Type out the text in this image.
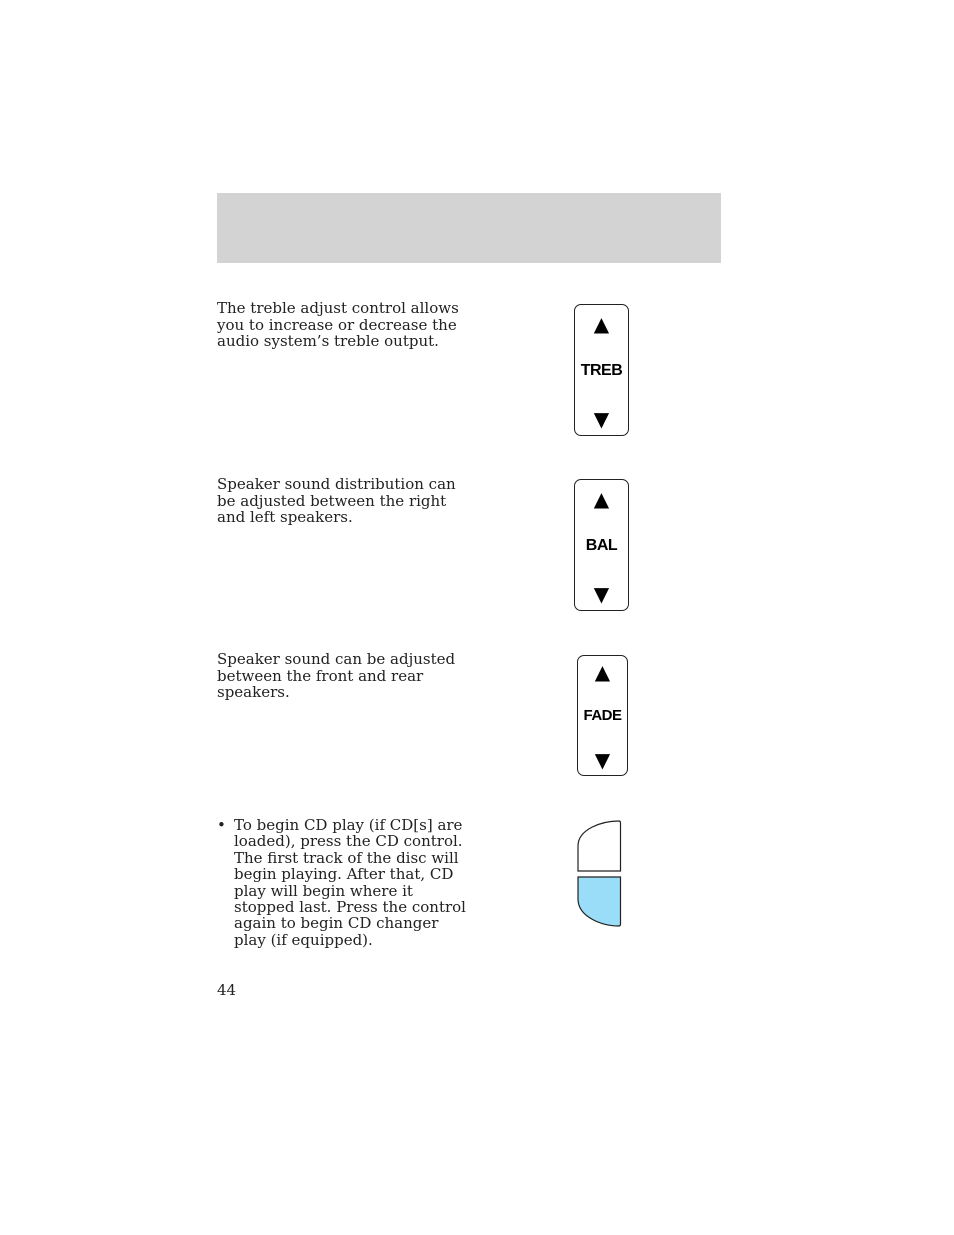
The treble adjust control allows you to increase or decrease the audio system’s treble output.
▲
TREB
▼
Speaker sound distribution can be adjusted between the right and left speakers.
▲
BAL
▼
Speaker sound can be adjusted between the front and rear speakers.
▲
FADE
▼
• To begin CD play (if CD[s] are loaded), press the CD control. The first track of the disc will begin playing. After that, CD play will begin where it stopped last. Press the control again to begin CD changer play (if equipped).
44
